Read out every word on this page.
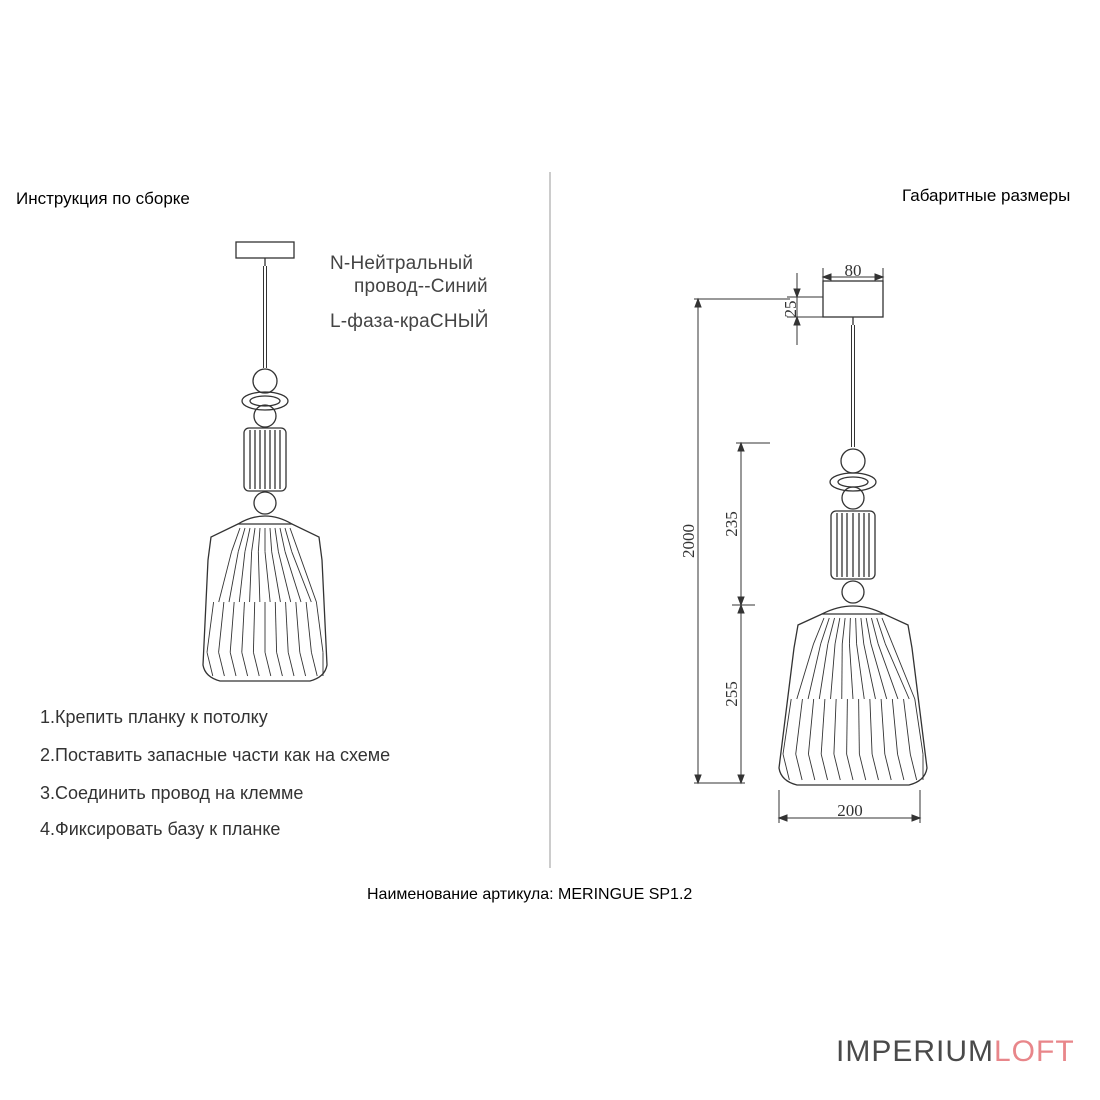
Инструкция по сборке	Габаритные размеры
N-Нейтральный
провод--Синий
L-фаза-краСНЫЙ
1.Крепить планку к потолку
2.Поставить запасные части как на схеме
3.Соединить провод на клемме
4.Фиксировать базу к планке
Наименование артикула: MERINGUE SP1.2
IMPERIUMLOFT
80
25
2000 235
255
200
